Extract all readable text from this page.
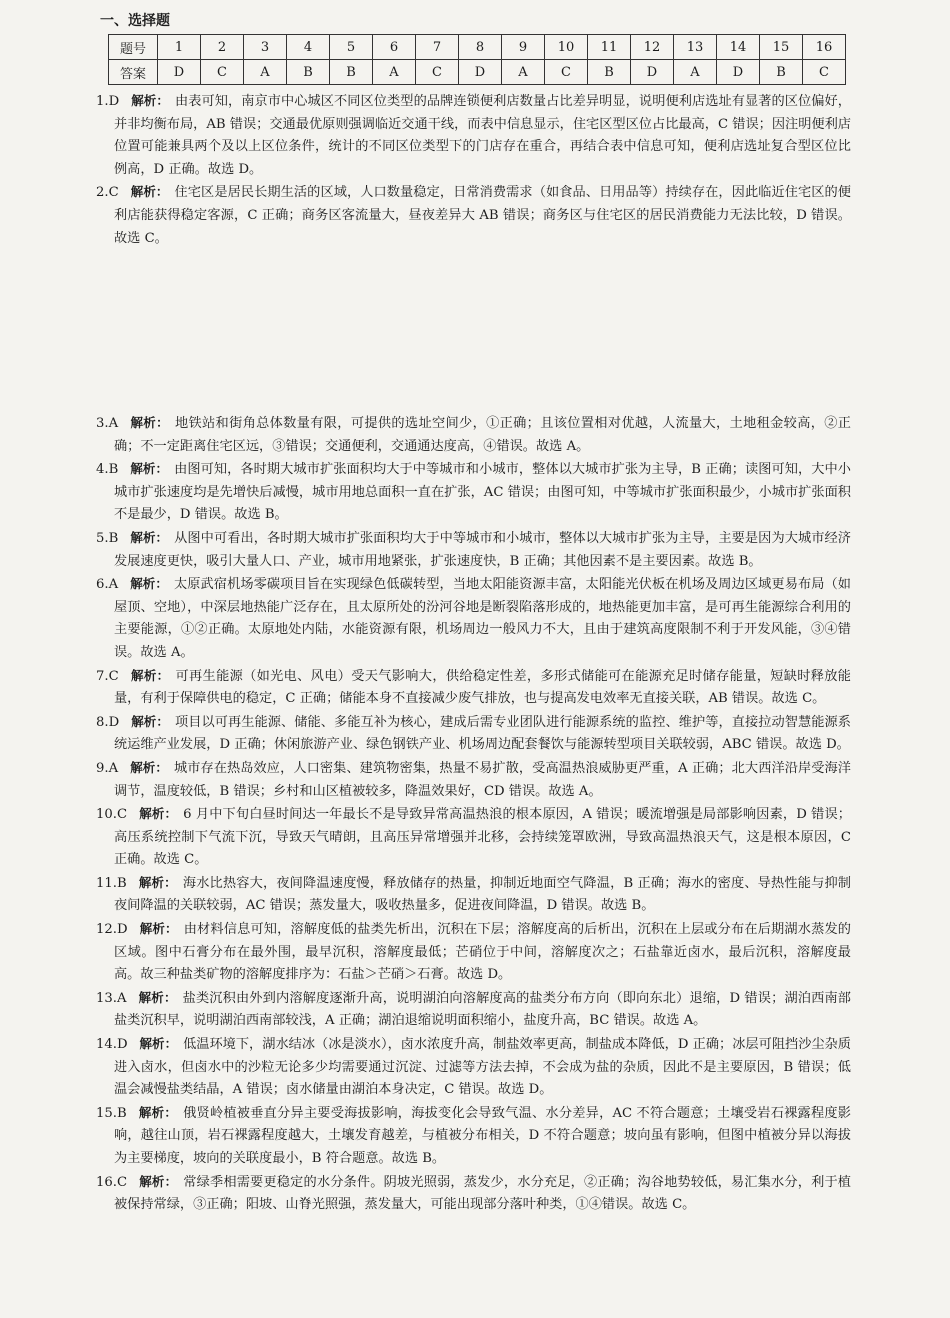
一、选择题
题号	1	2	3	4	5	6	7	8	9	10	11	12	13	14	15	16
答案	D	C	A	B	B	A	C	D	A	C	B	D	A	D	B	C
1.D 解析： 由表可知，南京市中心城区不同区位类型的品牌连锁便利店数量占比差异明显，说明便利店选址有显著的区位偏好，并非均衡布局，AB 错误；交通最优原则强调临近交通干线，而表中信息显示，住宅区型区位占比最高，C 错误；因注明便利店位置可能兼具两个及以上区位条件，统计的不同区位类型下的门店存在重合，再结合表中信息可知，便利店选址复合型区位比例高，D 正确。故选 D。
2.C 解析： 住宅区是居民长期生活的区域，人口数量稳定，日常消费需求（如食品、日用品等）持续存在，因此临近住宅区的便利店能获得稳定客源，C 正确；商务区客流量大，昼夜差异大 AB 错误；商务区与住宅区的居民消费能力无法比较，D 错误。故选 C。
3.A 解析： 地铁站和街角总体数量有限，可提供的选址空间少，①正确；且该位置相对优越，人流量大，土地租金较高，②正确；不一定距离住宅区远，③错误；交通便利，交通通达度高，④错误。故选 A。
4.B 解析： 由图可知，各时期大城市扩张面积均大于中等城市和小城市，整体以大城市扩张为主导，B 正确；读图可知，大中小城市扩张速度均是先增快后减慢，城市用地总面积一直在扩张，AC 错误；由图可知，中等城市扩张面积最少，小城市扩张面积不是最少，D 错误。故选 B。
5.B 解析： 从图中可看出，各时期大城市扩张面积均大于中等城市和小城市，整体以大城市扩张为主导，主要是因为大城市经济发展速度更快，吸引大量人口、产业，城市用地紧张，扩张速度快，B 正确；其他因素不是主要因素。故选 B。
6.A 解析： 太原武宿机场零碳项目旨在实现绿色低碳转型，当地太阳能资源丰富，太阳能光伏板在机场及周边区域更易布局（如屋顶、空地），中深层地热能广泛存在，且太原所处的汾河谷地是断裂陷落形成的，地热能更加丰富，是可再生能源综合利用的主要能源，①②正确。太原地处内陆，水能资源有限，机场周边一般风力不大，且由于建筑高度限制不利于开发风能，③④错误。故选 A。
7.C 解析： 可再生能源（如光电、风电）受天气影响大，供给稳定性差，多形式储能可在能源充足时储存能量，短缺时释放能量，有利于保障供电的稳定，C 正确；储能本身不直接减少废气排放，也与提高发电效率无直接关联，AB 错误。故选 C。
8.D 解析： 项目以可再生能源、储能、多能互补为核心，建成后需专业团队进行能源系统的监控、维护等，直接拉动智慧能源系统运维产业发展，D 正确；休闲旅游产业、绿色钢铁产业、机场周边配套餐饮与能源转型项目关联较弱，ABC 错误。故选 D。
9.A 解析： 城市存在热岛效应，人口密集、建筑物密集，热量不易扩散，受高温热浪威胁更严重，A 正确；北大西洋沿岸受海洋调节，温度较低，B 错误；乡村和山区植被较多，降温效果好，CD 错误。故选 A。
10.C 解析： 6 月中下旬白昼时间达一年最长不是导致异常高温热浪的根本原因，A 错误；暖流增强是局部影响因素，D 错误；高压系统控制下气流下沉，导致天气晴朗，且高压异常增强并北移，会持续笼罩欧洲，导致高温热浪天气，这是根本原因，C 正确。故选 C。
11.B 解析： 海水比热容大，夜间降温速度慢，释放储存的热量，抑制近地面空气降温，B 正确；海水的密度、导热性能与抑制夜间降温的关联较弱，AC 错误；蒸发量大，吸收热量多，促进夜间降温，D 错误。故选 B。
12.D 解析： 由材料信息可知，溶解度低的盐类先析出，沉积在下层；溶解度高的后析出，沉积在上层或分布在后期湖水蒸发的区域。图中石膏分布在最外围，最早沉积，溶解度最低；芒硝位于中间，溶解度次之；石盐靠近卤水，最后沉积，溶解度最高。故三种盐类矿物的溶解度排序为：石盐＞芒硝＞石膏。故选 D。
13.A 解析： 盐类沉积由外到内溶解度逐渐升高，说明湖泊向溶解度高的盐类分布方向（即向东北）退缩，D 错误；湖泊西南部盐类沉积早，说明湖泊西南部较浅，A 正确；湖泊退缩说明面积缩小，盐度升高，BC 错误。故选 A。
14.D 解析： 低温环境下，湖水结冰（冰是淡水），卤水浓度升高，制盐效率更高，制盐成本降低，D 正确；冰层可阻挡沙尘杂质进入卤水，但卤水中的沙粒无论多少均需要通过沉淀、过滤等方法去掉，不会成为盐的杂质，因此不是主要原因，B 错误；低温会减慢盐类结晶，A 错误；卤水储量由湖泊本身决定，C 错误。故选 D。
15.B 解析： 俄贤岭植被垂直分异主要受海拔影响，海拔变化会导致气温、水分差异，AC 不符合题意；土壤受岩石裸露程度影响，越往山顶，岩石裸露程度越大，土壤发育越差，与植被分布相关，D 不符合题意；坡向虽有影响，但图中植被分异以海拔为主要梯度，坡向的关联度最小，B 符合题意。故选 B。
16.C 解析： 常绿季相需要更稳定的水分条件。阴坡光照弱，蒸发少，水分充足，②正确；沟谷地势较低，易汇集水分，利于植被保持常绿，③正确；阳坡、山脊光照强，蒸发量大，可能出现部分落叶种类，①④错误。故选 C。
